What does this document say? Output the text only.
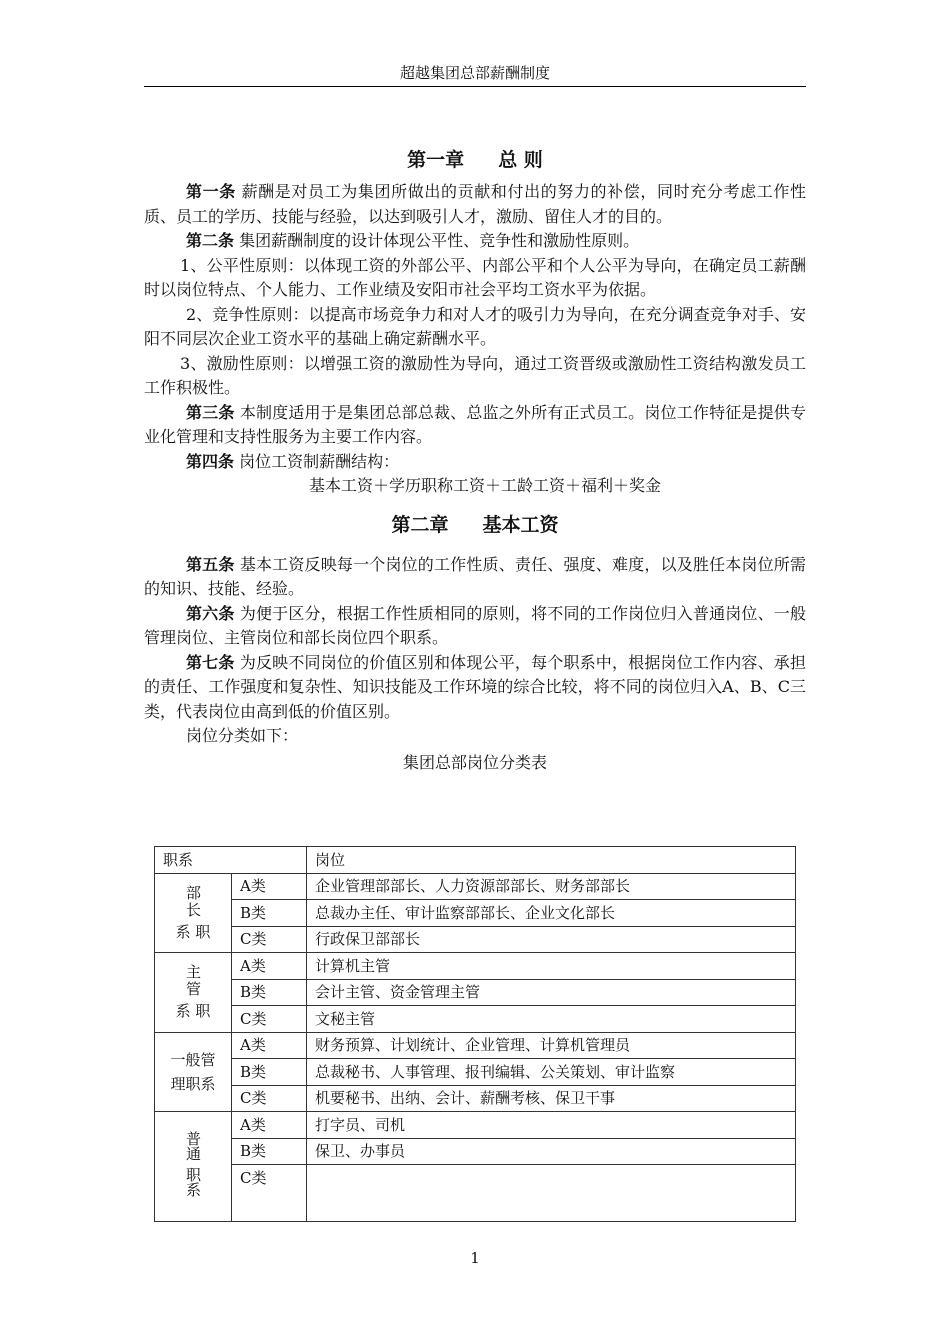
超越集团总部薪酬制度
第一章 总 则

第一条 薪酬是对员工为集团所做出的贡献和付出的努力的补偿，同时充分考虑工作性质、员工的学历、技能与经验，以达到吸引人才，激励、留住人才的目的。

第二条 集团薪酬制度的设计体现公平性、竞争性和激励性原则。

1、公平性原则：以体现工资的外部公平、内部公平和个人公平为导向，在确定员工薪酬时以岗位特点、个人能力、工作业绩及安阳市社会平均工资水平为依据。

2、竞争性原则：以提高市场竞争力和对人才的吸引力为导向，在充分调查竞争对手、安阳不同层次企业工资水平的基础上确定薪酬水平。

3、激励性原则：以增强工资的激励性为导向，通过工资晋级或激励性工资结构激发员工工作积极性。

第三条 本制度适用于是集团总部总裁、总监之外所有正式员工。岗位工作特征是提供专业化管理和支持性服务为主要工作内容。

第四条 岗位工资制薪酬结构：

基本工资＋学历职称工资＋工龄工资＋福利＋奖金

第二章 基本工资

第五条 基本工资反映每一个岗位的工作性质、责任、强度、难度，以及胜任本岗位所需的知识、技能、经验。

第六条 为便于区分，根据工作性质相同的原则，将不同的工作岗位归入普通岗位、一般管理岗位、主管岗位和部长岗位四个职系。

第七条 为反映不同岗位的价值区别和体现公平，每个职系中，根据岗位工作内容、承担的责任、工作强度和复杂性、知识技能及工作环境的综合比较，将不同的岗位归入A、B、C三类，代表岗位由高到低的价值区别。

岗位分类如下：

集团总部岗位分类表
职系		岗位
部长
系 职	A类	企业管理部部长、人力资源部部长、财务部部长
	B类	总裁办主任、审计监察部部长、企业文化部长
	C类	行政保卫部部长
主管
系 职	A类	计算机主管
	B类	会计主管、资金管理主管
	C类	文秘主管
一般管
理职系	A类	财务预算、计划统计、企业管理、计算机管理员
	B类	总裁秘书、人事管理、报刊编辑、公关策划、审计监察
	C类	机要秘书、出纳、会计、薪酬考核、保卫干事
普通
职系	A类	打字员、司机
	B类	保卫、办事员
	C类	
1
